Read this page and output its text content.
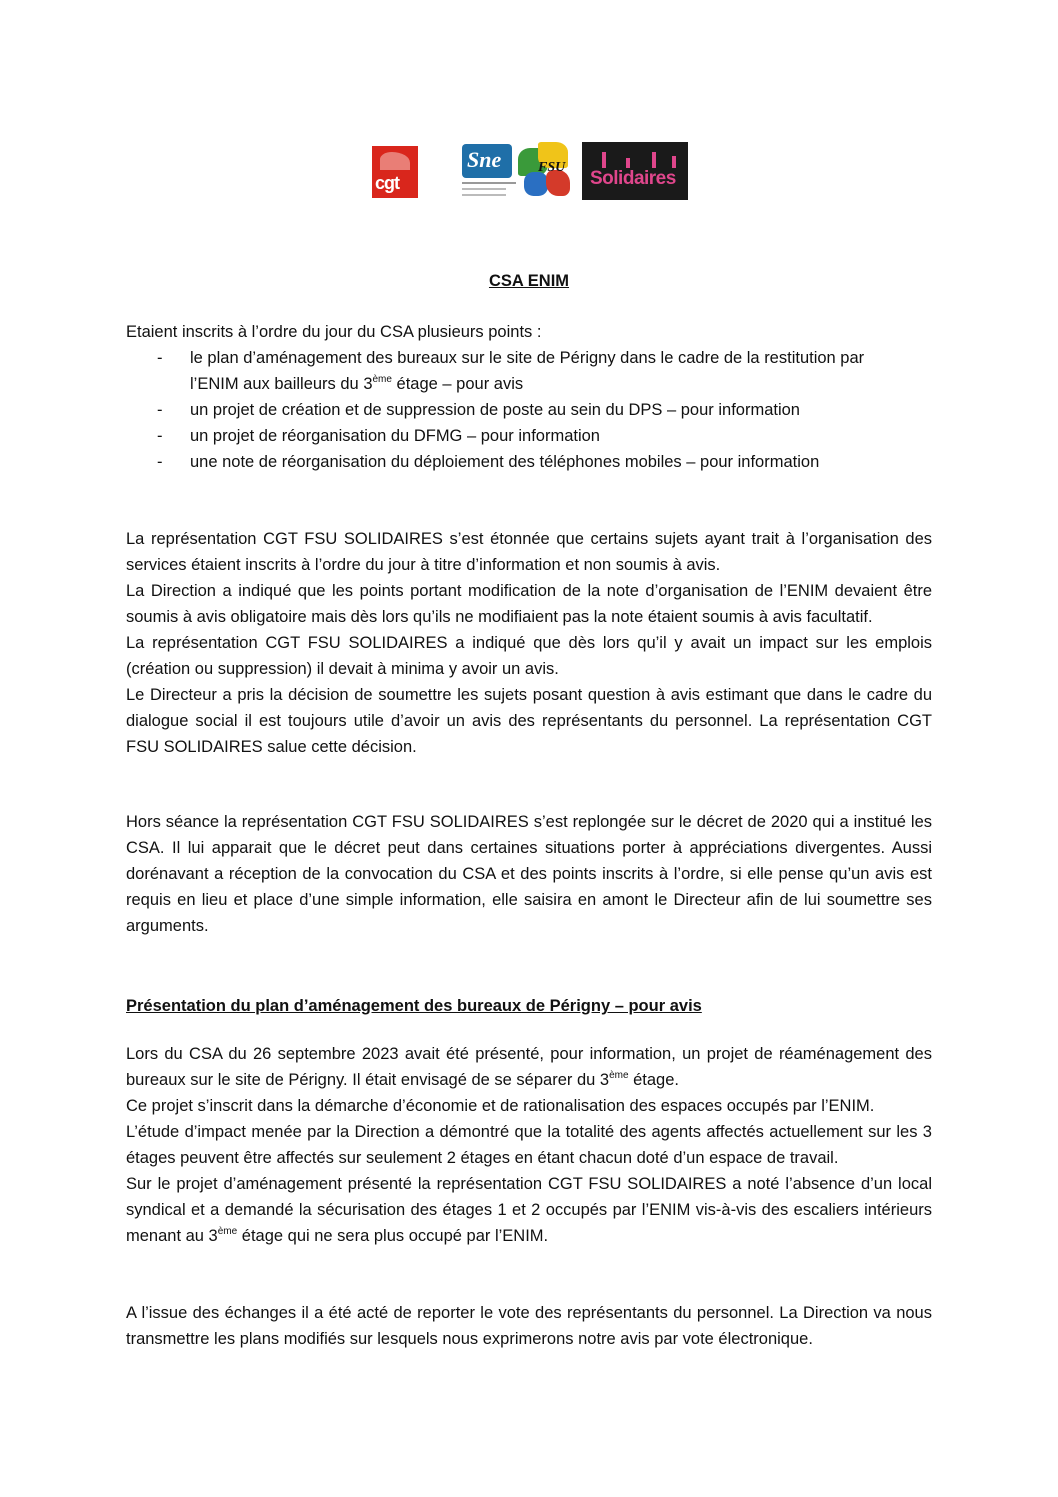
cgt
Sne	FSU
Solidaires
CSA ENIM
Etaient inscrits à l’ordre du jour du CSA plusieurs points :
- le plan d’aménagement des bureaux sur le site de Périgny dans le cadre de la restitution par
l’ENIM aux bailleurs du 3ème étage – pour avis
- un projet de création et de suppression de poste au sein du DPS – pour information
- un projet de réorganisation du DFMG – pour information
- une note de réorganisation du déploiement des téléphones mobiles – pour information

La représentation CGT FSU SOLIDAIRES s’est étonnée que certains sujets ayant trait à l’organisation des services étaient inscrits à l’ordre du jour à titre d’information et non soumis à avis.

La Direction a indiqué que les points portant modification de la note d’organisation de l’ENIM devaient être soumis à avis obligatoire mais dès lors qu’ils ne modifiaient pas la note étaient soumis à avis facultatif.

La représentation CGT FSU SOLIDAIRES a indiqué que dès lors qu’il y avait un impact sur les emplois (création ou suppression) il devait à minima y avoir un avis.

Le Directeur a pris la décision de soumettre les sujets posant question à avis estimant que dans le cadre du dialogue social il est toujours utile d’avoir un avis des représentants du personnel. La représentation CGT FSU SOLIDAIRES salue cette décision.

Hors séance la représentation CGT FSU SOLIDAIRES s’est replongée sur le décret de 2020 qui a institué les CSA. Il lui apparait que le décret peut dans certaines situations porter à appréciations divergentes. Aussi dorénavant a réception de la convocation du CSA et des points inscrits à l’ordre, si elle pense qu’un avis est requis en lieu et place d’une simple information, elle saisira en amont le Directeur afin de lui soumettre ses arguments.
Présentation du plan d’aménagement des bureaux de Périgny – pour avis

Lors du CSA du 26 septembre 2023 avait été présenté, pour information, un projet de réaménagement des bureaux sur le site de Périgny. Il était envisagé de se séparer du 3ème étage.

Ce projet s’inscrit dans la démarche d’économie et de rationalisation des espaces occupés par l’ENIM.

L’étude d’impact menée par la Direction a démontré que la totalité des agents affectés actuellement sur les 3 étages peuvent être affectés sur seulement 2 étages en étant chacun doté d’un espace de travail.

Sur le projet d’aménagement présenté la représentation CGT FSU SOLIDAIRES a noté l’absence d’un local syndical et a demandé la sécurisation des étages 1 et 2 occupés par l’ENIM vis-à-vis des escaliers intérieurs menant au 3ème étage qui ne sera plus occupé par l’ENIM.

A l’issue des échanges il a été acté de reporter le vote des représentants du personnel. La Direction va nous transmettre les plans modifiés sur lesquels nous exprimerons notre avis par vote électronique.
